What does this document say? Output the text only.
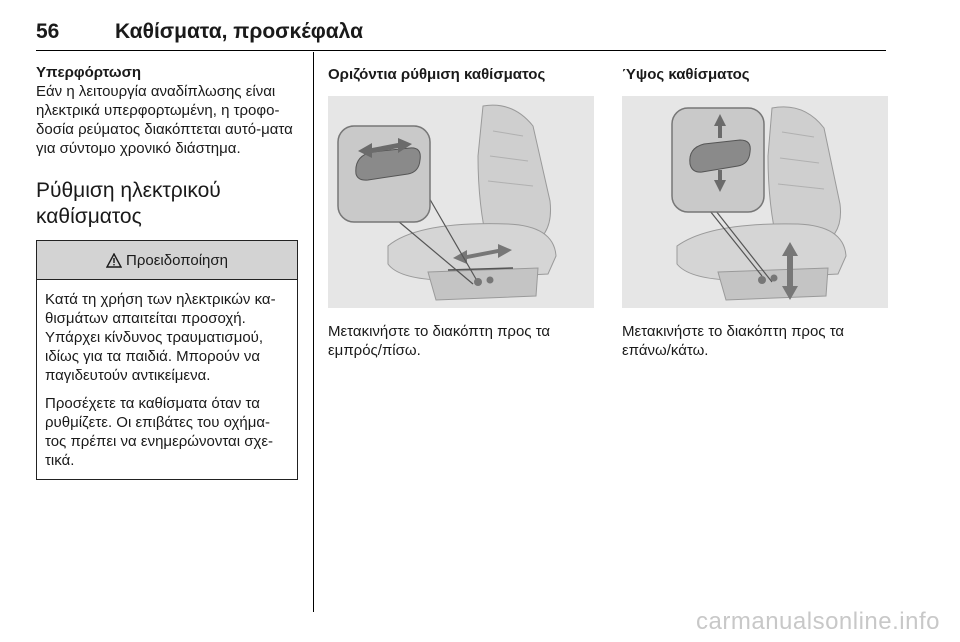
56	Καθίσματα, προσκέφαλα

Υπερφόρτωση

Εάν η λειτουργία αναδίπλωσης είναι ηλεκτρικά υπερφορτωμένη, η τροφο-δοσία ρεύματος διακόπτεται αυτό-ματα για σύντομο χρονικό διάστημα.

Ρύθμιση ηλεκτρικού καθίσματος
Προειδοποίηση

Κατά τη χρήση των ηλεκτρικών κα-θισμάτων απαιτείται προσοχή. Υπάρχει κίνδυνος τραυματισμού, ιδίως για τα παιδιά. Μπορούν να παγιδευτούν αντικείμενα.

Προσέχετε τα καθίσματα όταν τα ρυθμίζετε. Οι επιβάτες του οχήμα-τος πρέπει να ενημερώνονται σχε-τικά.

Οριζόντια ρύθμιση καθίσματος

Μετακινήστε το διακόπτη προς τα εμπρός/πίσω.

Ύψος καθίσματος

Μετακινήστε το διακόπτη προς τα επάνω/κάτω.

carmanualsonline.info
